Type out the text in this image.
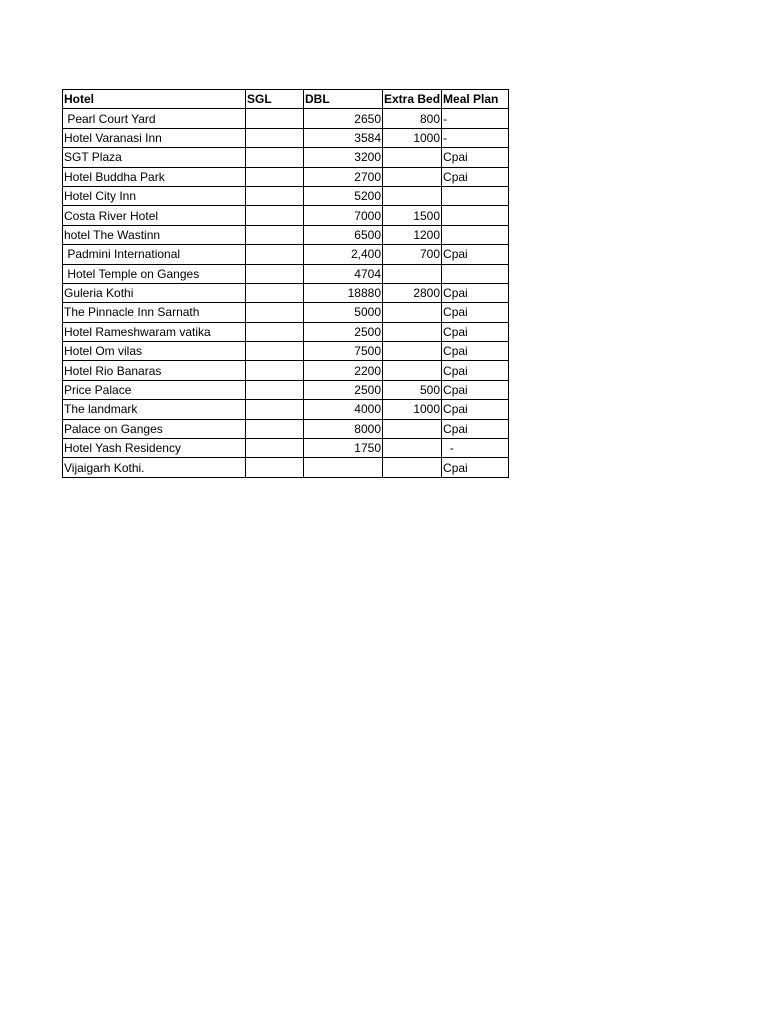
Hotel	SGL	DBL	Extra Bed	Meal Plan
Pearl Court Yard		2650	800	-
Hotel Varanasi Inn		3584	1000	-
SGT Plaza		3200		Cpai
Hotel Buddha Park		2700		Cpai
Hotel City Inn		5200		
Costa River Hotel		7000	1500	
hotel The Wastinn		6500	1200	
Padmini International		2,400	700	Cpai
Hotel Temple on Ganges		4704		
Guleria Kothi		18880	2800	Cpai
The Pinnacle Inn Sarnath		5000		Cpai
Hotel Rameshwaram vatika		2500		Cpai
Hotel Om vilas		7500		Cpai
Hotel Rio Banaras		2200		Cpai
Price Palace		2500	500	Cpai
The landmark		4000	1000	Cpai
Palace on Ganges		8000		Cpai
Hotel Yash Residency		1750		-
Vijaigarh Kothi.				Cpai
